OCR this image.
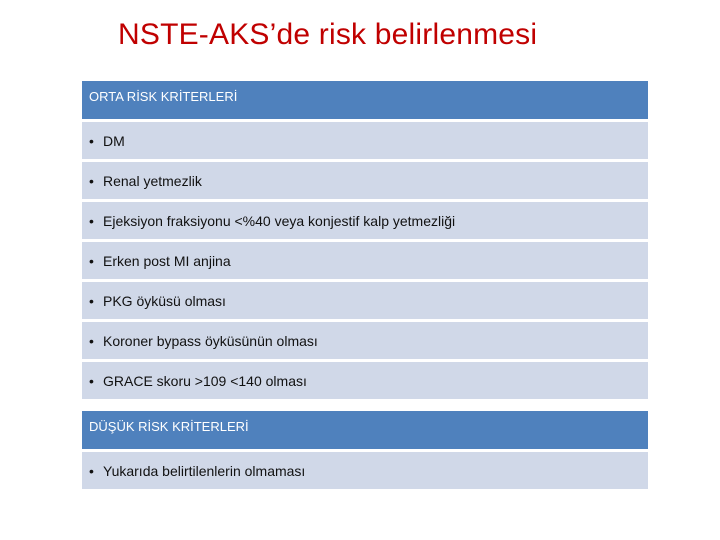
NSTE-AKS’de risk belirlenmesi
ORTA RİSK KRİTERLERİ
• DM
• Renal yetmezlik
• Ejeksiyon fraksiyonu <%40 veya konjestif kalp yetmezliği
• Erken post MI anjina
• PKG öyküsü olması
• Koroner bypass öyküsünün olması
• GRACE skoru >109 <140 olması
DÜŞÜK RİSK KRİTERLERİ
• Yukarıda belirtilenlerin olmaması
